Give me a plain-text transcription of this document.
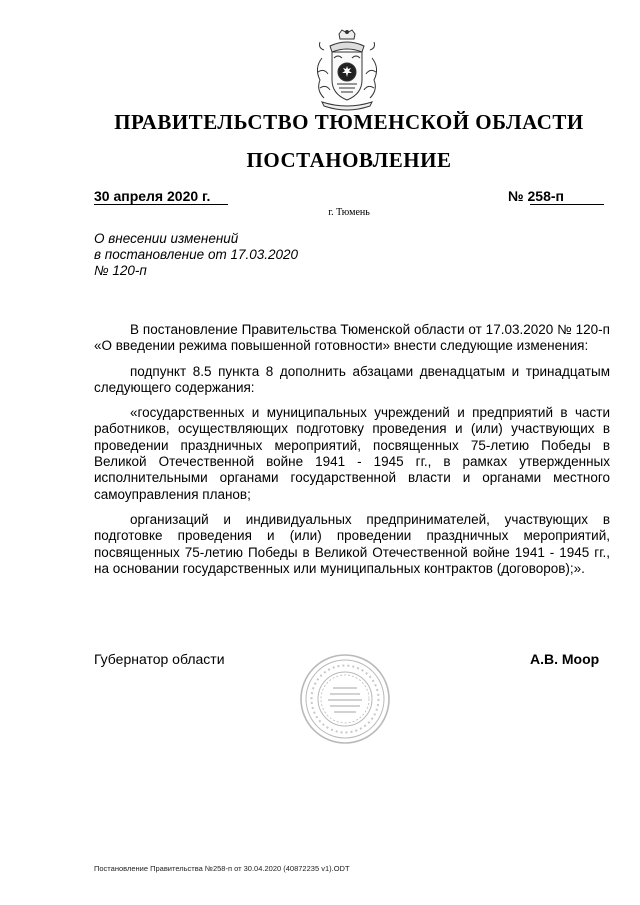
ПРАВИТЕЛЬСТВО ТЮМЕНСКОЙ ОБЛАСТИ
ПОСТАНОВЛЕНИЕ
30 апреля 2020 г.	№ 258-п
г. Тюмень
О внесении изменений
в постановление от 17.03.2020
№ 120-п

В постановление Правительства Тюменской области от 17.03.2020 № 120-п «О введении режима повышенной готовности» внести следующие изменения:

подпункт 8.5 пункта 8 дополнить абзацами двенадцатым и тринадцатым следующего содержания:

«государственных и муниципальных учреждений и предприятий в части работников, осуществляющих подготовку проведения и (или) участвующих в проведении праздничных мероприятий, посвященных 75-летию Победы в Великой Отечественной войне 1941 - 1945 гг., в рамках утвержденных исполнительными органами государственной власти и органами местного самоуправления планов;

организаций и индивидуальных предпринимателей, участвующих в подготовке проведения и (или) проведении праздничных мероприятий, посвященных 75-летию Победы в Великой Отечественной войне 1941 - 1945 гг., на основании государственных или муниципальных контрактов (договоров);».

Губернатор области	А.В. Моор
Постановление Правительства №258-п от 30.04.2020 (40872235 v1).ODT
